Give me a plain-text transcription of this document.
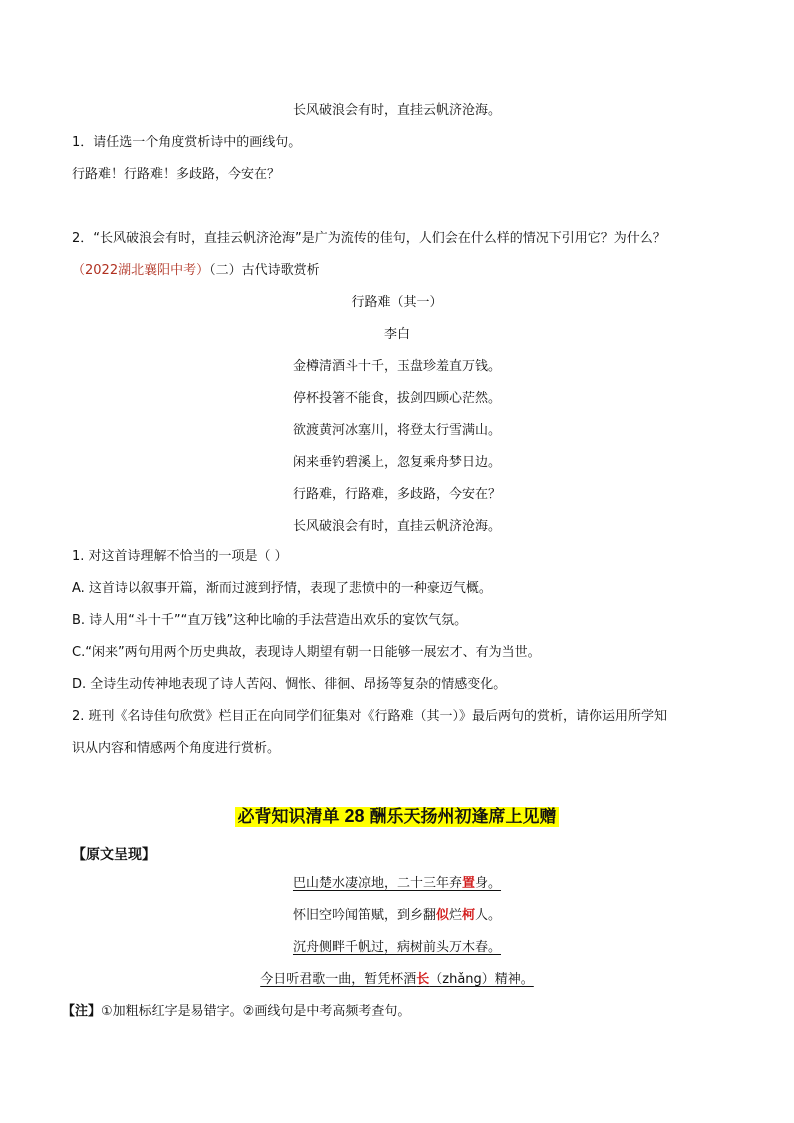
长风破浪会有时，直挂云帆济沧海。
1．请任选一个角度赏析诗中的画线句。
行路难！行路难！多歧路，今安在？
2．“长风破浪会有时，直挂云帆济沧海”是广为流传的佳句，人们会在什么样的情况下引用它？为什么？
（2022湖北襄阳中考）（二）古代诗歌赏析
行路难（其一）
李白
金樽清酒斗十千，玉盘珍羞直万钱。
停杯投箸不能食，拔剑四顾心茫然。
欲渡黄河冰塞川，将登太行雪满山。
闲来垂钓碧溪上，忽复乘舟梦日边。
行路难，行路难，多歧路，今安在？
长风破浪会有时，直挂云帆济沧海。
1. 对这首诗理解不恰当的一项是（ ）
A. 这首诗以叙事开篇，渐而过渡到抒情，表现了悲愤中的一种豪迈气概。
B. 诗人用“斗十千”“直万钱”这种比喻的手法营造出欢乐的宴饮气氛。
C.“闲来”两句用两个历史典故，表现诗人期望有朝一日能够一展宏才、有为当世。
D. 全诗生动传神地表现了诗人苦闷、惆怅、徘徊、昂扬等复杂的情感变化。
2. 班刊《名诗佳句欣赏》栏目正在向同学们征集对《行路难（其一）》最后两句的赏析，请你运用所学知
识从内容和情感两个角度进行赏析。
必背知识清单 28 酬乐天扬州初逢席上见赠
【原文呈现】
巴山楚水凄凉地，二十三年弃置身。
怀旧空吟闻笛赋，到乡翻似烂柯人。
沉舟侧畔千帆过，病树前头万木春。
今日听君歌一曲，暂凭杯酒长（zhǎng）精神。
【注】①加粗标红字是易错字。②画线句是中考高频考查句。
